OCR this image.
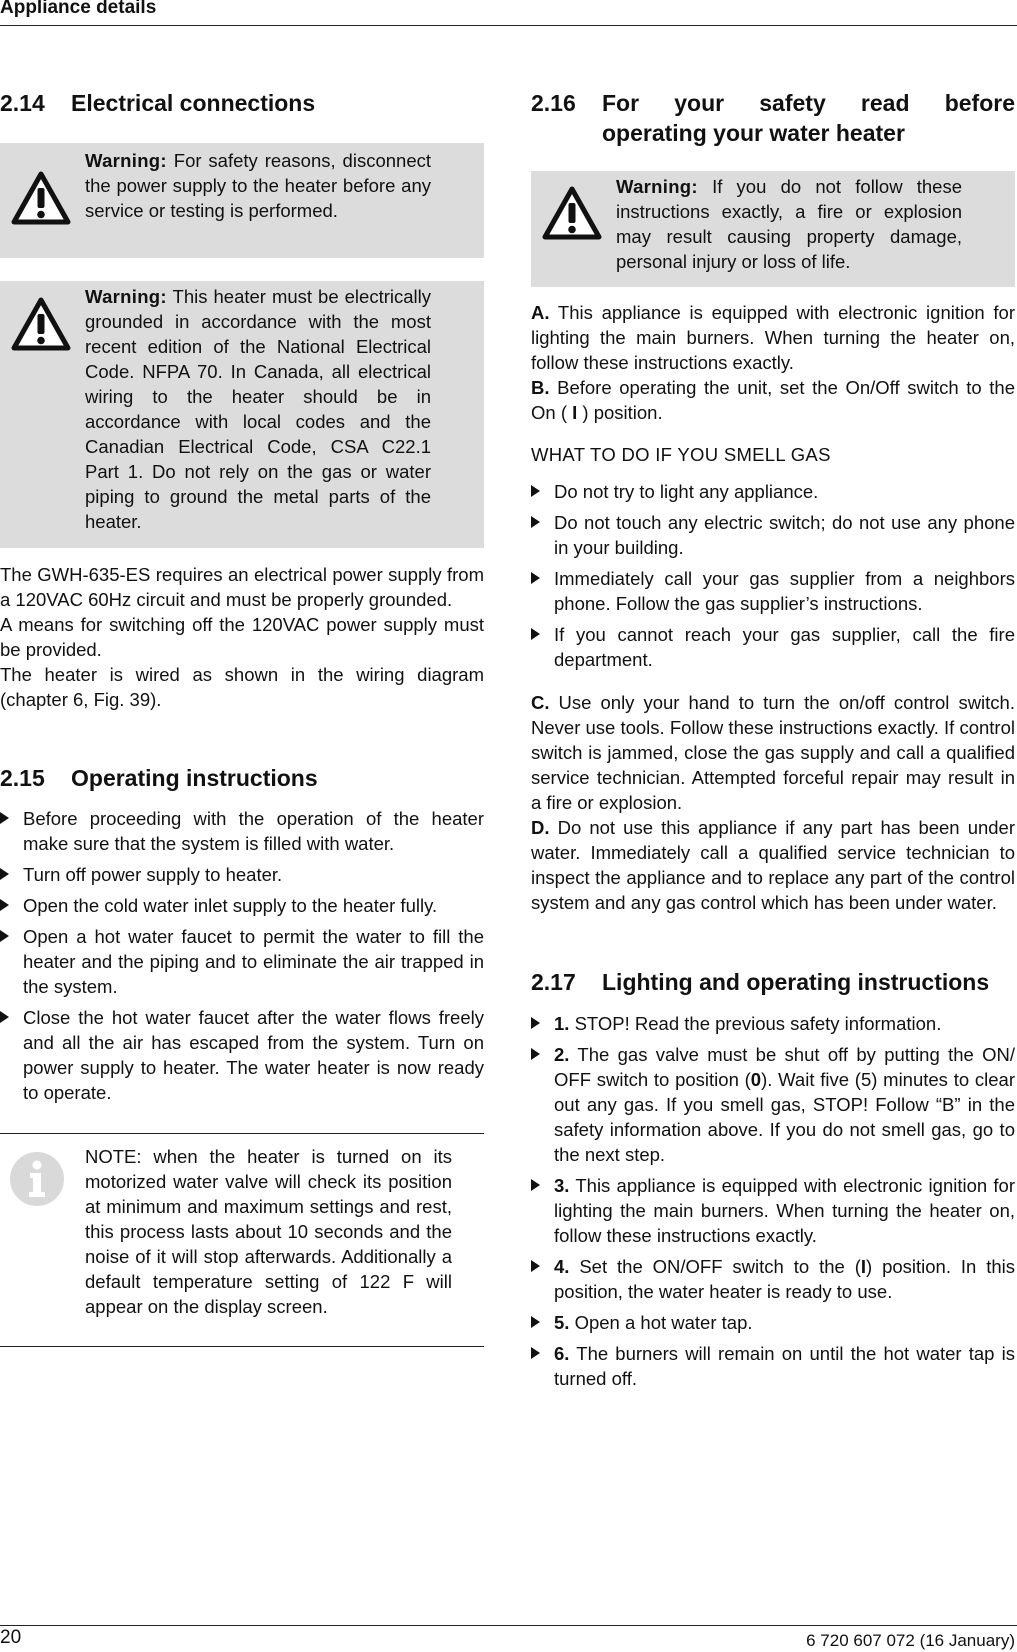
Appliance details
20	6 720 607 072 (16 January)
2.14 Electrical connections
Warning: For safety reasons, disconnect the power supply to the heater before any service or testing is performed.
Warning: This heater must be electrically grounded in accordance with the most recent edition of the National Electrical Code. NFPA 70. In Canada, all electrical wiring to the heater should be in accordance with local codes and the Canadian Electrical Code, CSA C22.1 Part 1. Do not rely on the gas or water piping to ground the metal parts of the heater.
The GWH-635-ES requires an electrical power supply from a 120VAC 60Hz circuit and must be properly grounded.
A means for switching off the 120VAC power supply must be provided.
The heater is wired as shown in the wiring diagram (chapter 6, Fig. 39).
2.15 Operating instructions
Before proceeding with the operation of the heater make sure that the system is filled with water.
Turn off power supply to heater.
Open the cold water inlet supply to the heater fully.
Open a hot water faucet to permit the water to fill the heater and the piping and to eliminate the air trapped in the system.
Close the hot water faucet after the water flows freely and all the air has escaped from the system. Turn on power supply to heater. The water heater is now ready to operate.
NOTE: when the heater is turned on its motorized water valve will check its position at minimum and maximum settings and rest, this process lasts about 10 seconds and the noise of it will stop afterwards. Additionally a default temperature setting of 122 F will appear on the display screen.
2.16 For your safety read before
operating your water heater
Warning: If you do not follow these instructions exactly, a fire or explosion may result causing property damage, personal injury or loss of life.
A. This appliance is equipped with electronic ignition for lighting the main burners. When turning the heater on, follow these instructions exactly.
B. Before operating the unit, set the On/Off switch to the On ( I ) position.
WHAT TO DO IF YOU SMELL GAS
Do not try to light any appliance.
Do not touch any electric switch; do not use any phone in your building.
Immediately call your gas supplier from a neighbors phone. Follow the gas supplier’s instructions.
If you cannot reach your gas supplier, call the fire department.
C. Use only your hand to turn the on/off control switch. Never use tools. Follow these instructions exactly. If control switch is jammed, close the gas supply and call a qualified service technician. Attempted forceful repair may result in a fire or explosion.
D. Do not use this appliance if any part has been under water. Immediately call a qualified service technician to inspect the appliance and to replace any part of the control system and any gas control which has been under water.
2.17 Lighting and operating instructions
1. STOP! Read the previous safety information.
2. The gas valve must be shut off by putting the ON/ OFF switch to position (0). Wait five (5) minutes to clear out any gas. If you smell gas, STOP! Follow “B” in the safety information above. If you do not smell gas, go to the next step.
3. This appliance is equipped with electronic ignition for lighting the main burners. When turning the heater on, follow these instructions exactly.
4. Set the ON/OFF switch to the (I) position. In this position, the water heater is ready to use.
5. Open a hot water tap.
6. The burners will remain on until the hot water tap is turned off.
